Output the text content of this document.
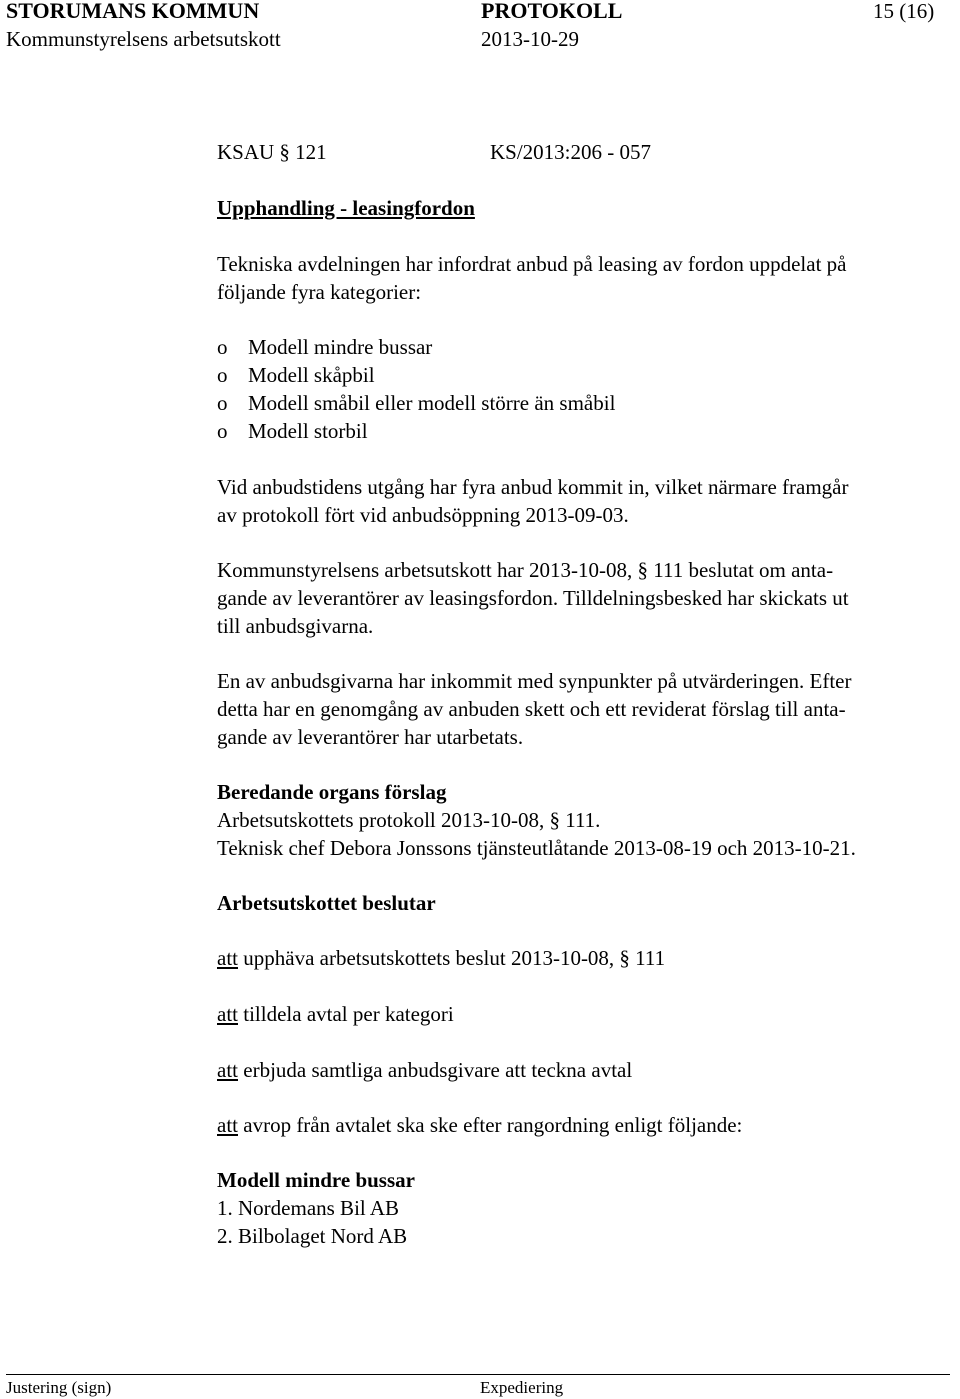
STORUMANS KOMMUN	PROTOKOLL	15 (16)
Kommunstyrelsens arbetsutskott	2013-10-29
KSAU § 121	KS/2013:206 - 057
Upphandling - leasingfordon
Tekniska avdelningen har infordrat anbud på leasing av fordon uppdelat på
följande fyra kategorier:
o Modell mindre bussar
o Modell skåpbil
o Modell småbil eller modell större än småbil
o Modell storbil
Vid anbudstidens utgång har fyra anbud kommit in, vilket närmare framgår
av protokoll fört vid anbudsöppning 2013-09-03.
Kommunstyrelsens arbetsutskott har 2013-10-08, § 111 beslutat om anta-
gande av leverantörer av leasingsfordon. Tilldelningsbesked har skickats ut
till anbudsgivarna.
En av anbudsgivarna har inkommit med synpunkter på utvärderingen. Efter
detta har en genomgång av anbuden skett och ett reviderat förslag till anta-
gande av leverantörer har utarbetats.
Beredande organs förslag
Arbetsutskottets protokoll 2013-10-08, § 111.
Teknisk chef Debora Jonssons tjänsteutlåtande 2013-08-19 och 2013-10-21.
Arbetsutskottet beslutar
att upphäva arbetsutskottets beslut 2013-10-08, § 111
att tilldela avtal per kategori
att erbjuda samtliga anbudsgivare att teckna avtal
att avrop från avtalet ska ske efter rangordning enligt följande:
Modell mindre bussar
1. Nordemans Bil AB
2. Bilbolaget Nord AB
Justering (sign)	Expediering
